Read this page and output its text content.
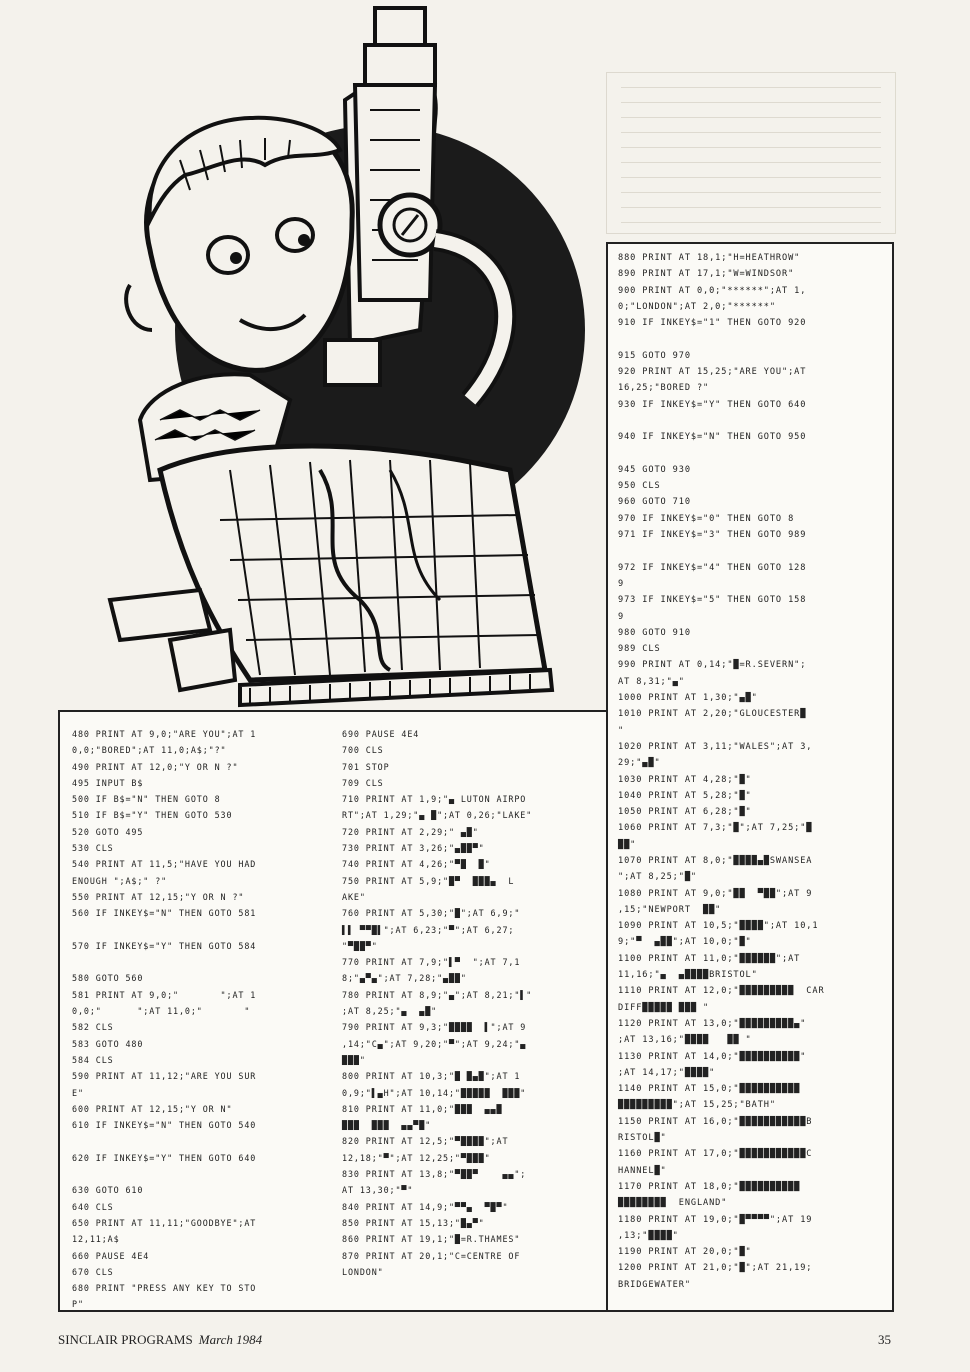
880 PRINT AT 18,1;"H=HEATHROW"
890 PRINT AT 17,1;"W=WINDSOR"
900 PRINT AT 0,0;"******";AT 1,
0;"LONDON";AT 2,0;"******"
910 IF INKEY$="1" THEN GOTO 920

915 GOTO 970
920 PRINT AT 15,25;"ARE YOU";AT
16,25;"BORED ?"
930 IF INKEY$="Y" THEN GOTO 640

940 IF INKEY$="N" THEN GOTO 950

945 GOTO 930
950 CLS
960 GOTO 710
970 IF INKEY$="0" THEN GOTO 8
971 IF INKEY$="3" THEN GOTO 989

972 IF INKEY$="4" THEN GOTO 128
9
973 IF INKEY$="5" THEN GOTO 158
9
980 GOTO 910
989 CLS
990 PRINT AT 0,14;"█=R.SEVERN";
AT 8,31;"▄"
1000 PRINT AT 1,30;"▄█"
1010 PRINT AT 2,20;"GLOUCESTER█
"
1020 PRINT AT 3,11;"WALES";AT 3,
29;"▄█"
1030 PRINT AT 4,28;"█"
1040 PRINT AT 5,28;"█"
1050 PRINT AT 6,28;"█"
1060 PRINT AT 7,3;"█";AT 7,25;"█
██"
1070 PRINT AT 8,0;"████▄█SWANSEA
";AT 8,25;"█"
1080 PRINT AT 9,0;"██  ▀██";AT 9
,15;"NEWPORT  ██"
1090 PRINT AT 10,5;"████";AT 10,1
9;"▀  ▄██";AT 10,0;"█"
1100 PRINT AT 11,0;"██████";AT
11,16;"▄  ▄████BRISTOL"
1110 PRINT AT 12,0;"█████████  CAR
DIFF█████ ███ "
1120 PRINT AT 13,0;"█████████▄"
;AT 13,16;"████   ██ "
1130 PRINT AT 14,0;"██████████"
;AT 14,17;"████"
1140 PRINT AT 15,0;"██████████
█████████";AT 15,25;"BATH"
1150 PRINT AT 16,0;"███████████B
RISTOL█"
1160 PRINT AT 17,0;"███████████C
HANNEL█"
1170 PRINT AT 18,0;"██████████
████████  ENGLAND"
1180 PRINT AT 19,0;"█▀▀▀▀";AT 19
,13;"████"
1190 PRINT AT 20,0;"█"
1200 PRINT AT 21,0;"█";AT 21,19;
BRIDGEWATER"
480 PRINT AT 9,0;"ARE YOU";AT 1
0,0;"BORED";AT 11,0;A$;"?"
490 PRINT AT 12,0;"Y OR N ?"
495 INPUT B$
500 IF B$="N" THEN GOTO 8
510 IF B$="Y" THEN GOTO 530
520 GOTO 495
530 CLS
540 PRINT AT 11,5;"HAVE YOU HAD
ENOUGH ";A$;" ?"
550 PRINT AT 12,15;"Y OR N ?"
560 IF INKEY$="N" THEN GOTO 581

570 IF INKEY$="Y" THEN GOTO 584

580 GOTO 560
581 PRINT AT 9,0;"       ";AT 1
0,0;"      ";AT 11,0;"       "
582 CLS
583 GOTO 480
584 CLS
590 PRINT AT 11,12;"ARE YOU SUR
E"
600 PRINT AT 12,15;"Y OR N"
610 IF INKEY$="N" THEN GOTO 540

620 IF INKEY$="Y" THEN GOTO 640

630 GOTO 610
640 CLS
650 PRINT AT 11,11;"GOODBYE";AT
12,11;A$
660 PAUSE 4E4
670 CLS
680 PRINT "PRESS ANY KEY TO STO
P"
690 PAUSE 4E4
700 CLS
701 STOP
709 CLS
710 PRINT AT 1,9;"▄ LUTON AIRPO
RT";AT 1,29;"▄ █";AT 0,26;"LAKE"
720 PRINT AT 2,29;" ▄█"
730 PRINT AT 3,26;"▄██▀"
740 PRINT AT 4,26;"▀█  █"
750 PRINT AT 5,9;"█▀  ███▄  L
AKE"
760 PRINT AT 5,30;"█";AT 6,9;"
▌▌ ▀▀█▌";AT 6,23;"▀";AT 6,27;
"▀██▀"
770 PRINT AT 7,9;"▌▀  ";AT 7,1
8;"▄▀▄";AT 7,28;"▄██"
780 PRINT AT 8,9;"▄";AT 8,21;"▌"
;AT 8,25;"▄  ▄█"
790 PRINT AT 9,3;"████  ▌";AT 9
,14;"C▄";AT 9,20;"▀";AT 9,24;"▄
███"
800 PRINT AT 10,3;"█ █▄█";AT 1
0,9;"▌▄H";AT 10,14;"█████  ███"
810 PRINT AT 11,0;"███  ▄▄█
███  ███  ▄▄▀█"
820 PRINT AT 12,5;"▀████";AT
12,18;"▀";AT 12,25;"▀███"
830 PRINT AT 13,8;"▀██▀    ▄▄";
AT 13,30;"▀"
840 PRINT AT 14,9;"▀▀▄  ▀█▀"
850 PRINT AT 15,13;"█▄▀"
860 PRINT AT 19,1;"█=R.THAMES"
870 PRINT AT 20,1;"C=CENTRE OF
LONDON"
SINCLAIR PROGRAMS March 1984	35
